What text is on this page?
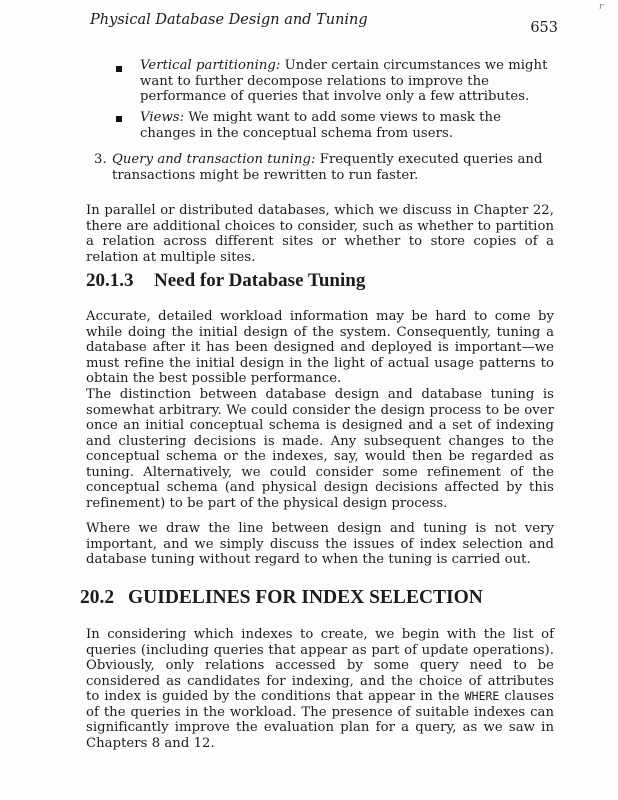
Physical Database Design and Tuning	653
r
Vertical partitioning: Under certain circumstances we might want to further decompose relations to improve the performance of queries that involve only a few attributes.
Views: We might want to add some views to mask the changes in the conceptual schema from users.
3. Query and transaction tuning: Frequently executed queries and transactions might be rewritten to run faster.
In parallel or distributed databases, which we discuss in Chapter 22, there are additional choices to consider, such as whether to partition a relation across different sites or whether to store copies of a relation at multiple sites.
20.1.3 Need for Database Tuning
Accurate, detailed workload information may be hard to come by while doing the initial design of the system. Consequently, tuning a database after it has been designed and deployed is important—we must refine the initial design in the light of actual usage patterns to obtain the best possible performance.
The distinction between database design and database tuning is somewhat arbitrary. We could consider the design process to be over once an initial conceptual schema is designed and a set of indexing and clustering decisions is made. Any subsequent changes to the conceptual schema or the indexes, say, would then be regarded as tuning. Alternatively, we could consider some refinement of the conceptual schema (and physical design decisions affected by this refinement) to be part of the physical design process.
Where we draw the line between design and tuning is not very important, and we simply discuss the issues of index selection and database tuning without regard to when the tuning is carried out.
20.2 GUIDELINES FOR INDEX SELECTION
In considering which indexes to create, we begin with the list of queries (including queries that appear as part of update operations). Obviously, only relations accessed by some query need to be considered as candidates for indexing, and the choice of attributes to index is guided by the conditions that appear in the WHERE clauses of the queries in the workload. The presence of suitable indexes can significantly improve the evaluation plan for a query, as we saw in Chapters 8 and 12.
